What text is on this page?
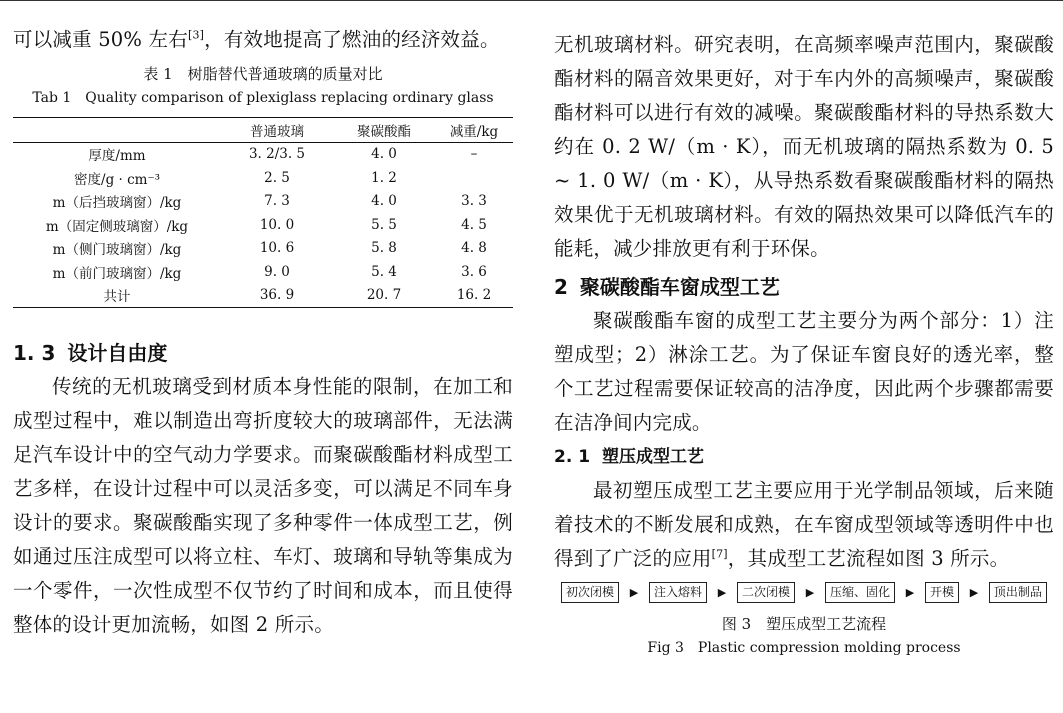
可以减重 50% 左右[3]，有效地提高了燃油的经济效益。

表 1　树脂替代普通玻璃的质量对比
Tab 1　Quality comparison of plexiglass replacing ordinary glass
	普通玻璃	聚碳酸酯	减重/kg
厚度/mm	3. 2/3. 5	4. 0	–
密度/g · cm⁻³	2. 5	1. 2	
m（后挡玻璃窗）/kg	7. 3	4. 0	3. 3
m（固定侧玻璃窗）/kg	10. 0	5. 5	4. 5
m（侧门玻璃窗）/kg	10. 6	5. 8	4. 8
m（前门玻璃窗）/kg	9. 0	5. 4	3. 6
共计	36. 9	20. 7	16. 2
1. 3 设计自由度

传统的无机玻璃受到材质本身性能的限制，在加工和成型过程中，难以制造出弯折度较大的玻璃部件，无法满足汽车设计中的空气动力学要求。而聚碳酸酯材料成型工艺多样，在设计过程中可以灵活多变，可以满足不同车身设计的要求。聚碳酸酯实现了多种零件一体成型工艺，例如通过压注成型可以将立柱、车灯、玻璃和导轨等集成为一个零件，一次性成型不仅节约了时间和成本，而且使得整体的设计更加流畅，如图 2 所示。

无机玻璃材料。研究表明，在高频率噪声范围内，聚碳酸酯材料的隔音效果更好，对于车内外的高频噪声，聚碳酸酯材料可以进行有效的减噪。聚碳酸酯材料的导热系数大约在 0. 2 W/（m · K），而无机玻璃的隔热系数为 0. 5 ~ 1. 0 W/（m · K），从导热系数看聚碳酸酯材料的隔热效果优于无机玻璃材料。有效的隔热效果可以降低汽车的能耗，减少排放更有利于环保。

2 聚碳酸酯车窗成型工艺

聚碳酸酯车窗的成型工艺主要分为两个部分：1）注塑成型；2）淋涂工艺。为了保证车窗良好的透光率，整个工艺过程需要保证较高的洁净度，因此两个步骤都需要在洁净间内完成。

2. 1 塑压成型工艺

最初塑压成型工艺主要应用于光学制品领域，后来随着技术的不断发展和成熟，在车窗成型领域等透明件中也得到了广泛的应用[7]，其成型工艺流程如图 3 所示。

初次闭模	▶	注入熔料	▶	二次闭模	▶	压缩、固化	▶	开模	▶	顶出制品
图 3　塑压成型工艺流程
Fig 3　Plastic compression molding process
